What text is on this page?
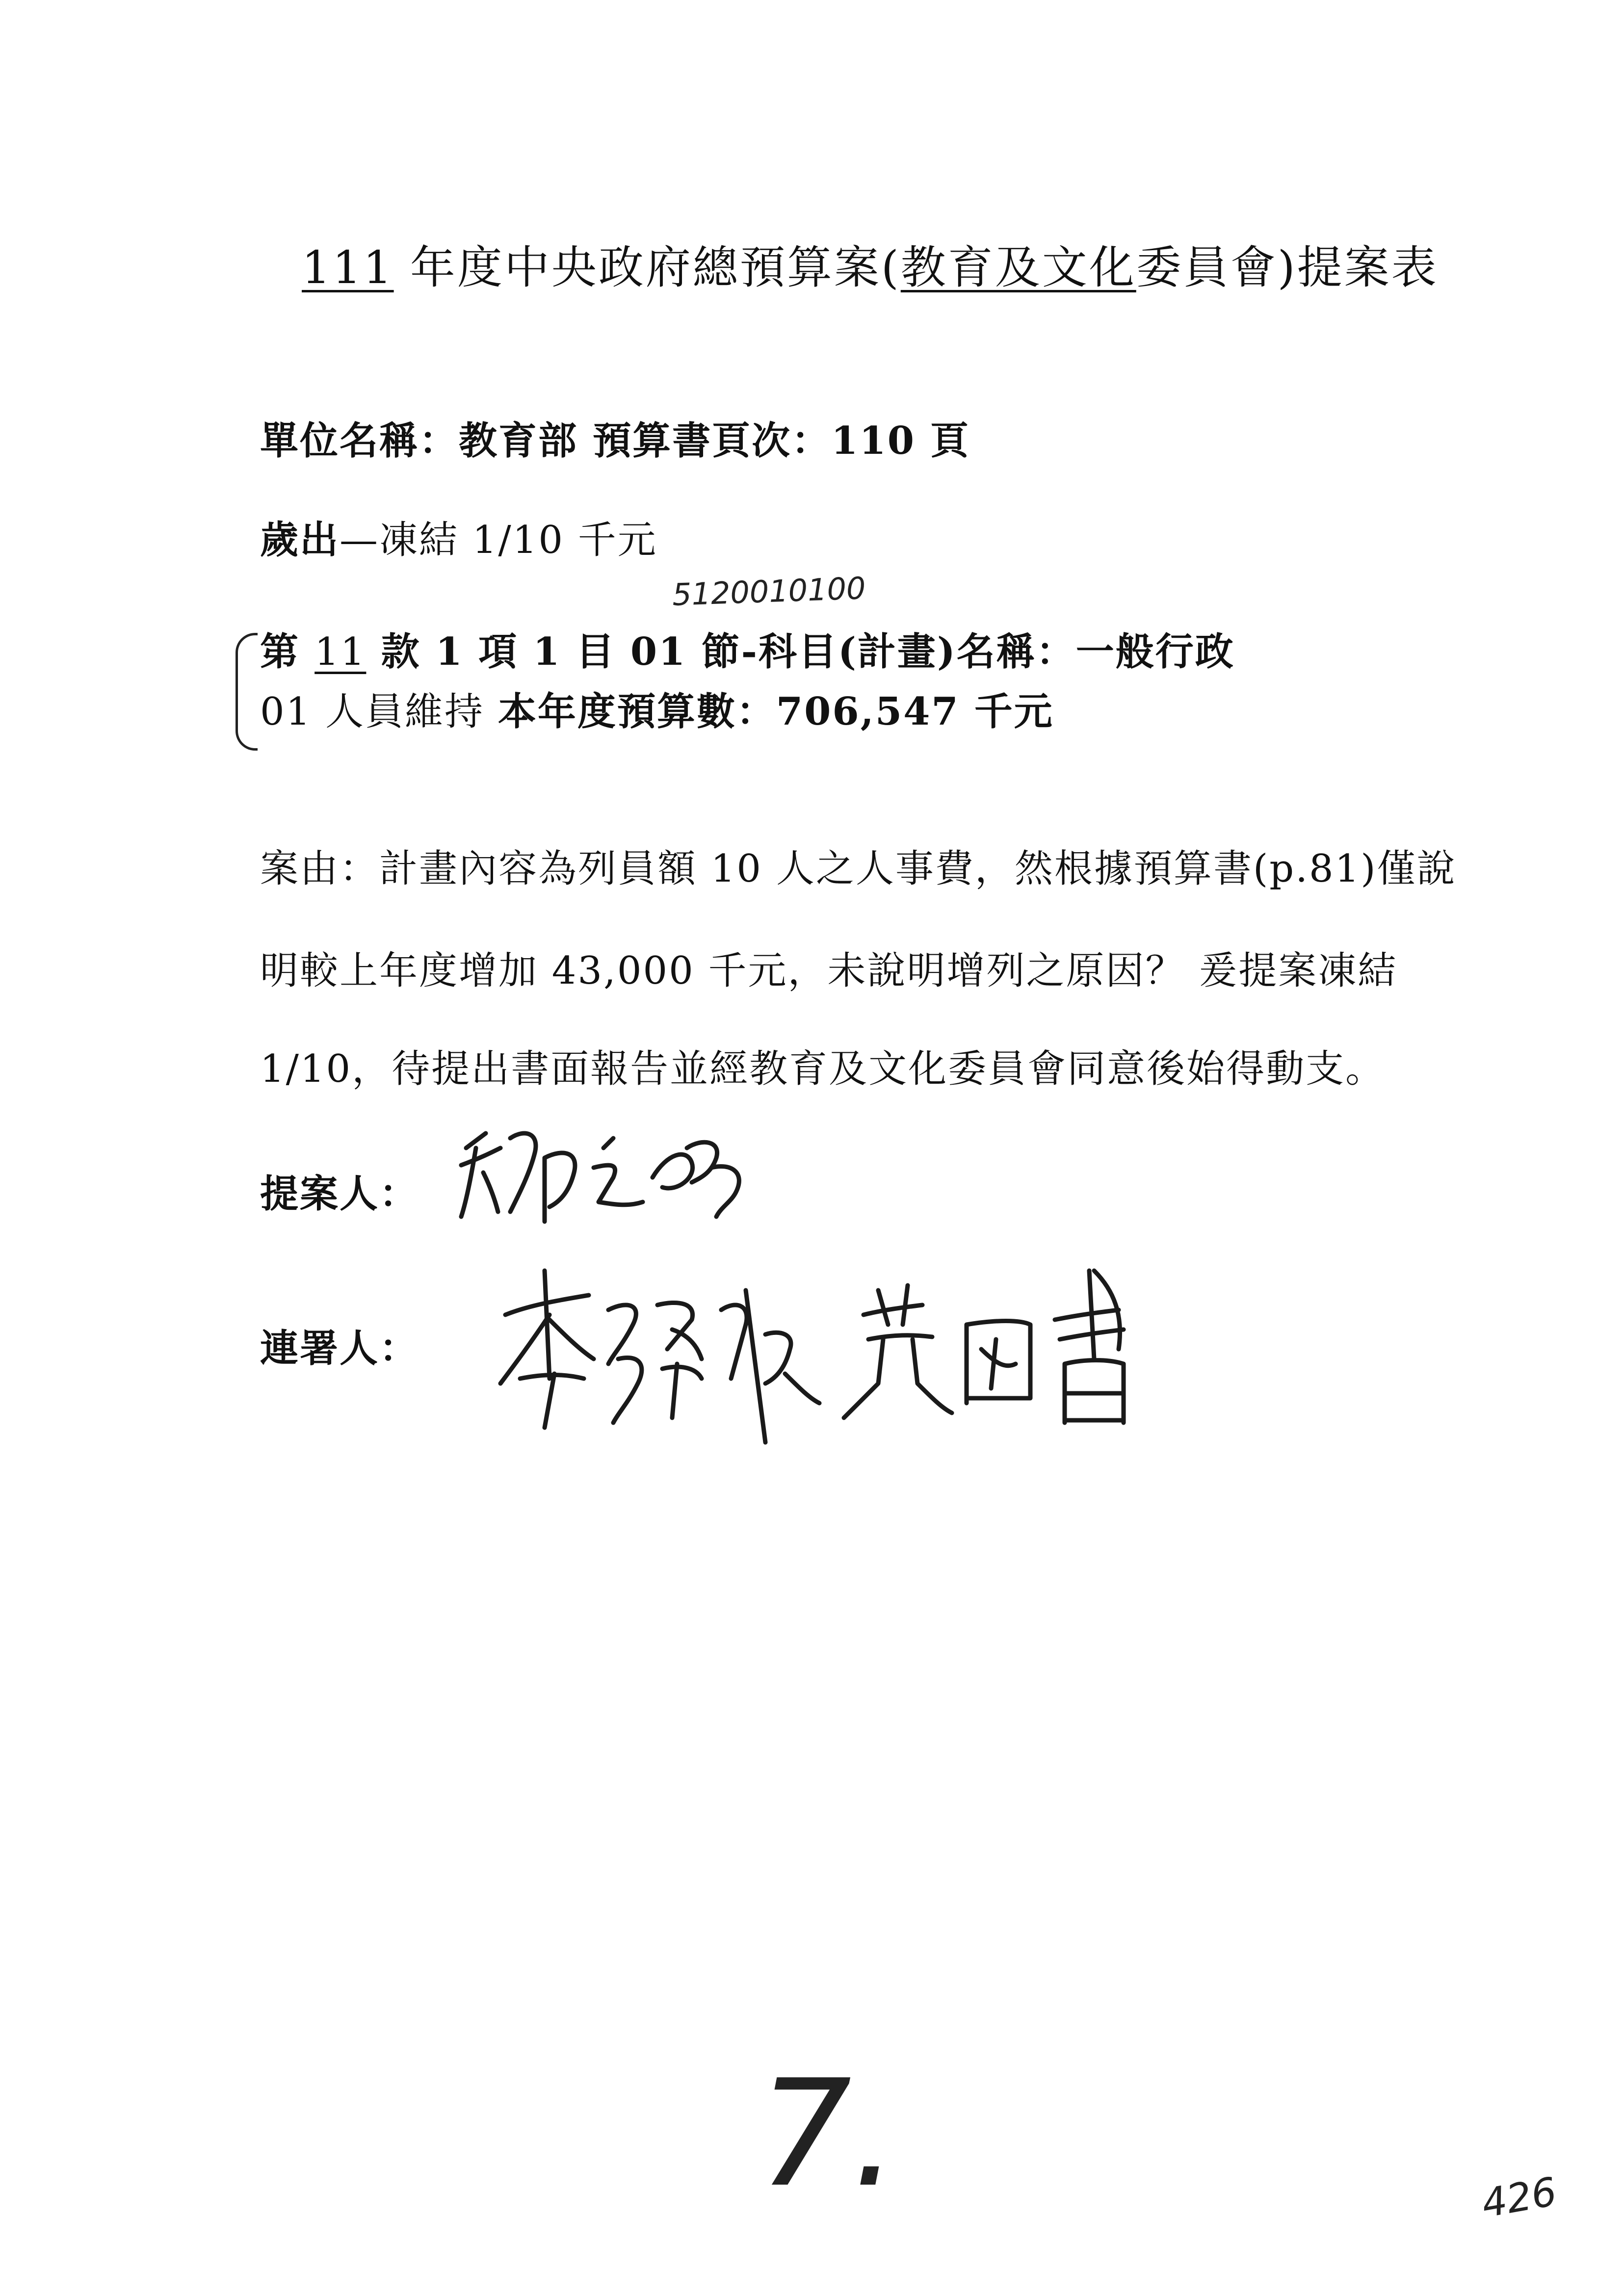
111 年度中央政府總預算案(教育及文化委員會)提案表
單位名稱：教育部 預算書頁次：110 頁
歲出—凍結 1/10 千元
5120010100
第 11 款 1 項 1 目 01 節-科目(計畫)名稱：一般行政
01 人員維持 本年度預算數：706,547 千元
案由：計畫內容為列員額 10 人之人事費，然根據預算書(p.81)僅說
明較上年度增加 43,000 千元，未說明增列之原因？ 爰提案凍結
1/10，待提出書面報告並經教育及文化委員會同意後始得動支。
提案人：
連署人：
7.	426
